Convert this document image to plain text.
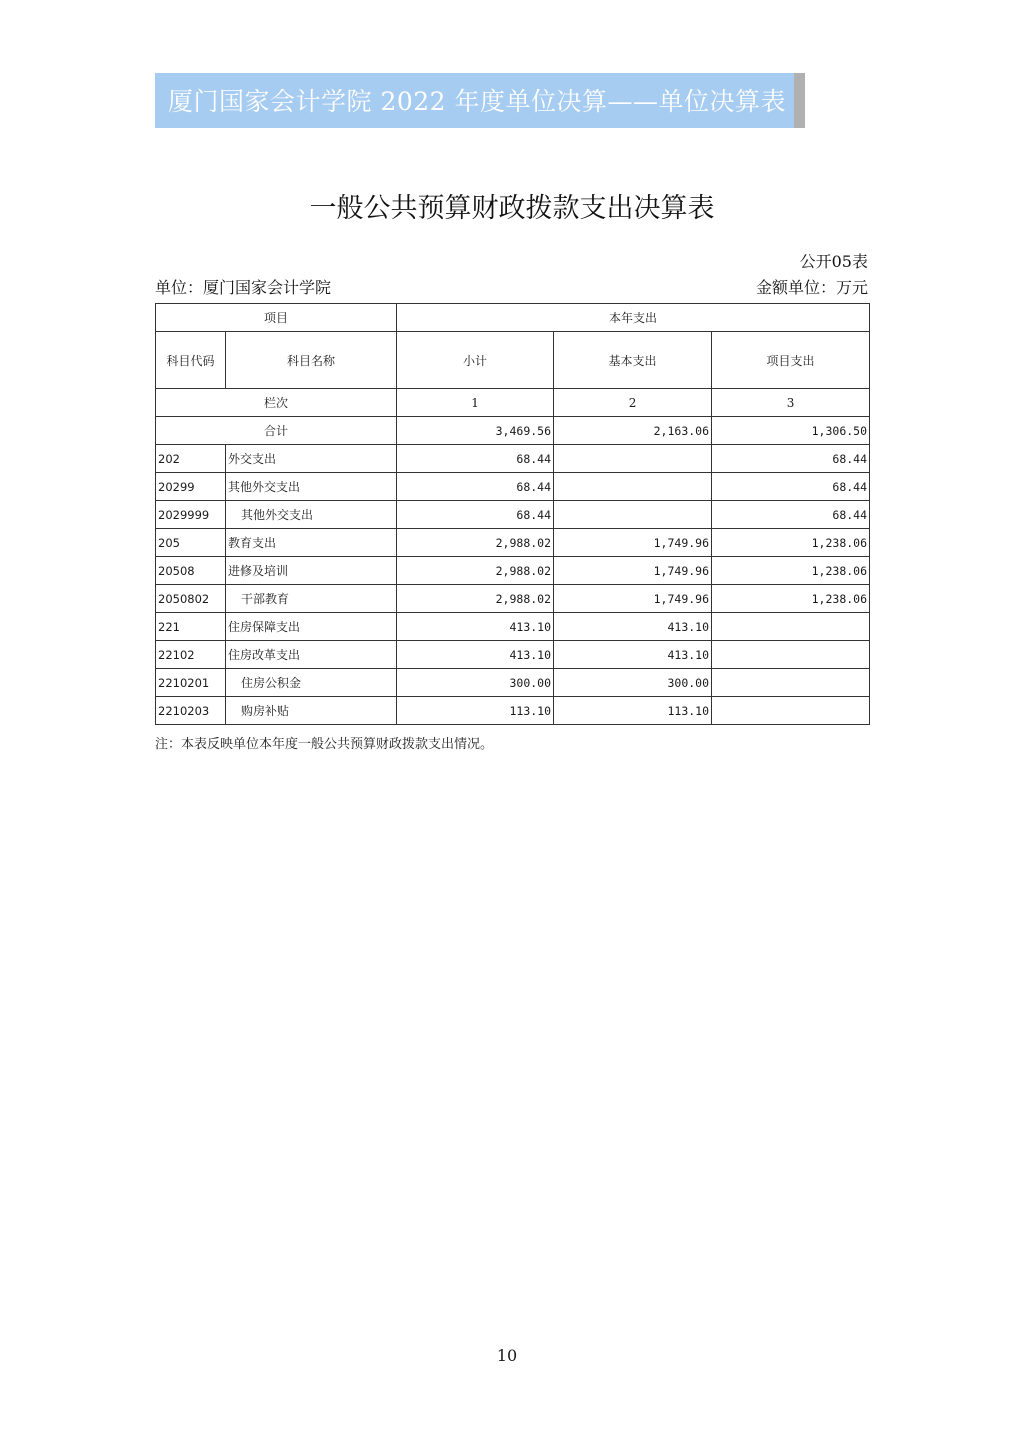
厦门国家会计学院 2022 年度单位决算——单位决算表
一般公共预算财政拨款支出决算表
公开05表
单位：厦门国家会计学院	金额单位：万元
项目		本年支出		
科目代码	科目名称	小计	基本支出	项目支出
栏次		1	2	3
合计		3,469.56	2,163.06	1,306.50
202	外交支出	68.44		68.44
20299	其他外交支出	68.44		68.44
2029999	其他外交支出	68.44		68.44
205	教育支出	2,988.02	1,749.96	1,238.06
20508	进修及培训	2,988.02	1,749.96	1,238.06
2050802	干部教育	2,988.02	1,749.96	1,238.06
221	住房保障支出	413.10	413.10	
22102	住房改革支出	413.10	413.10	
2210201	住房公积金	300.00	300.00	
2210203	购房补贴	113.10	113.10	
注：本表反映单位本年度一般公共预算财政拨款支出情况。
10
